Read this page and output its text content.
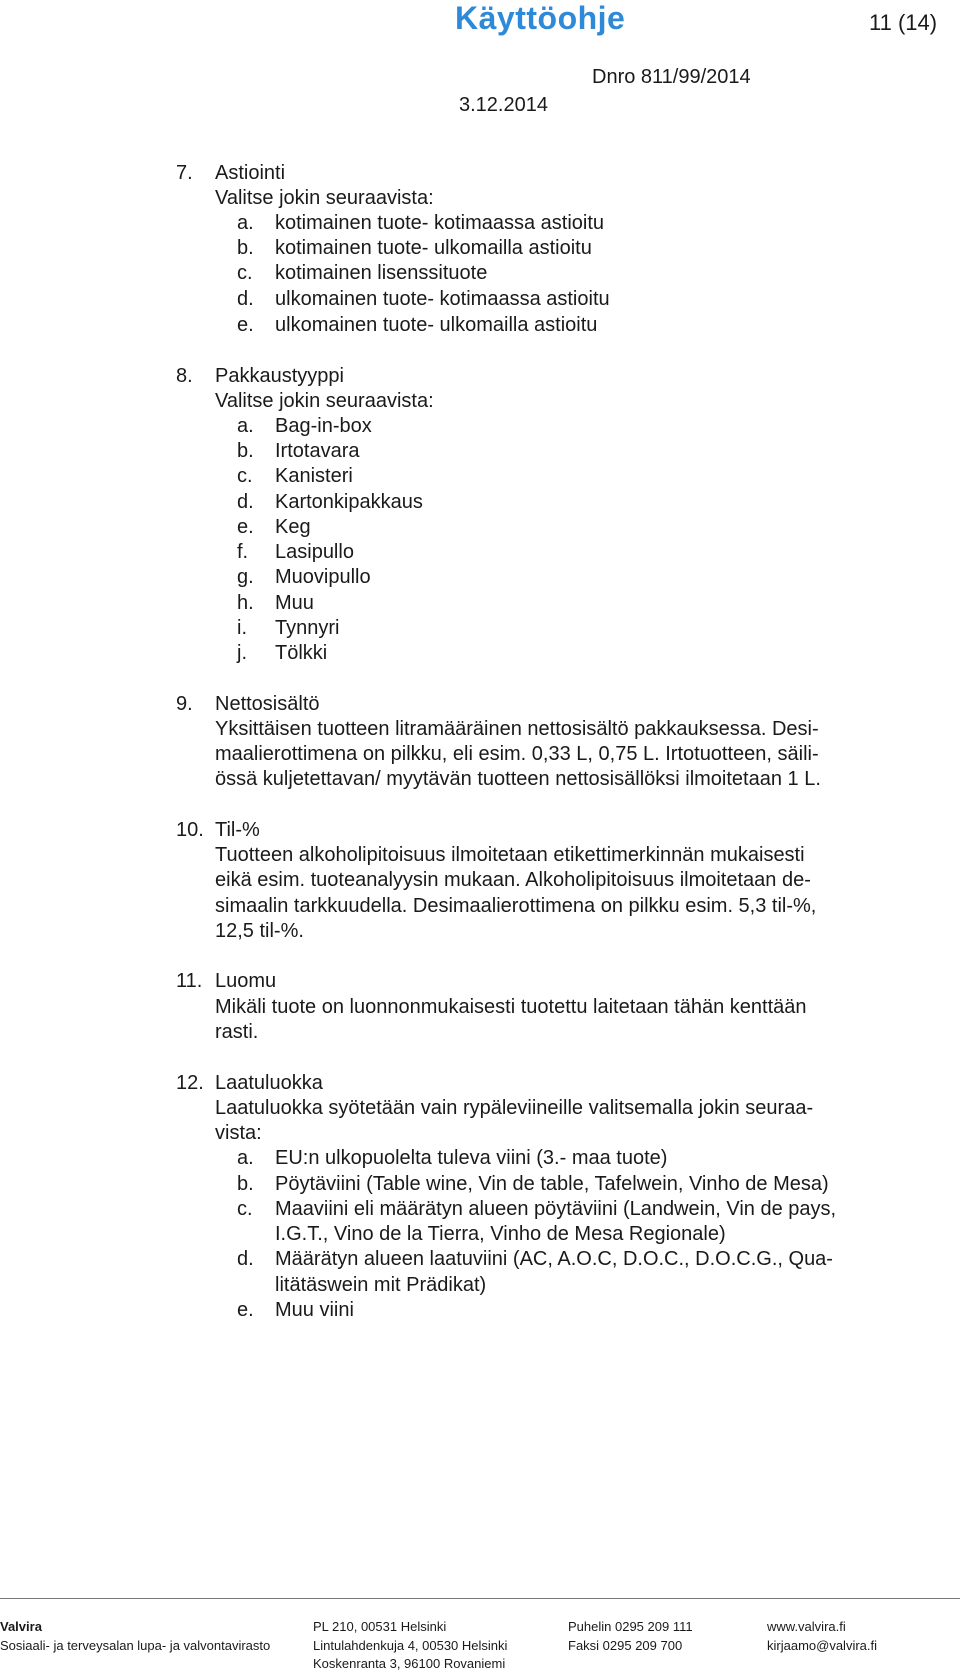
Käyttöohje	11 (14)
Dnro 811/99/2014
3.12.2014
7. Astiointi
Valitse jokin seuraavista:
a. kotimainen tuote- kotimaassa astioitu
b. kotimainen tuote- ulkomailla astioitu
c. kotimainen lisenssituote
d. ulkomainen tuote- kotimaassa astioitu
e. ulkomainen tuote- ulkomailla astioitu
8. Pakkaustyyppi
Valitse jokin seuraavista:
a. Bag-in-box
b. Irtotavara
c. Kanisteri
d. Kartonkipakkaus
e. Keg
f. Lasipullo
g. Muovipullo
h. Muu
i. Tynnyri
j. Tölkki
9. Nettosisältö
Yksittäisen tuotteen litramääräinen nettosisältö pakkauksessa. Desi-
maalierottimena on pilkku, eli esim. 0,33 L, 0,75 L. Irtotuotteen, säili-
össä kuljetettavan/ myytävän tuotteen nettosisällöksi ilmoitetaan 1 L.
10. Til-%
Tuotteen alkoholipitoisuus ilmoitetaan etikettimerkinnän mukaisesti
eikä esim. tuoteanalyysin mukaan. Alkoholipitoisuus ilmoitetaan de-
simaalin tarkkuudella. Desimaalierottimena on pilkku esim. 5,3 til-%,
12,5 til-%.
11. Luomu
Mikäli tuote on luonnonmukaisesti tuotettu laitetaan tähän kenttään
rasti.
12. Laatuluokka
Laatuluokka syötetään vain rypäleviineille valitsemalla jokin seuraa-
vista:
a. EU:n ulkopuolelta tuleva viini (3.- maa tuote)
b. Pöytäviini (Table wine, Vin de table, Tafelwein, Vinho de Mesa)
c. Maaviini eli määrätyn alueen pöytäviini (Landwein, Vin de pays,
I.G.T., Vino de la Tierra, Vinho de Mesa Regionale)
d. Määrätyn alueen laatuviini (AC, A.O.C, D.O.C., D.O.C.G., Qua-
litätäswein mit Prädikat)
e. Muu viini
Valvira
Sosiaali- ja terveysalan lupa- ja valvontavirasto
PL 210, 00531 Helsinki
Lintulahdenkuja 4, 00530 Helsinki
Koskenranta 3, 96100 Rovaniemi
Puhelin 0295 209 111
Faksi 0295 209 700
www.valvira.fi
kirjaamo@valvira.fi
